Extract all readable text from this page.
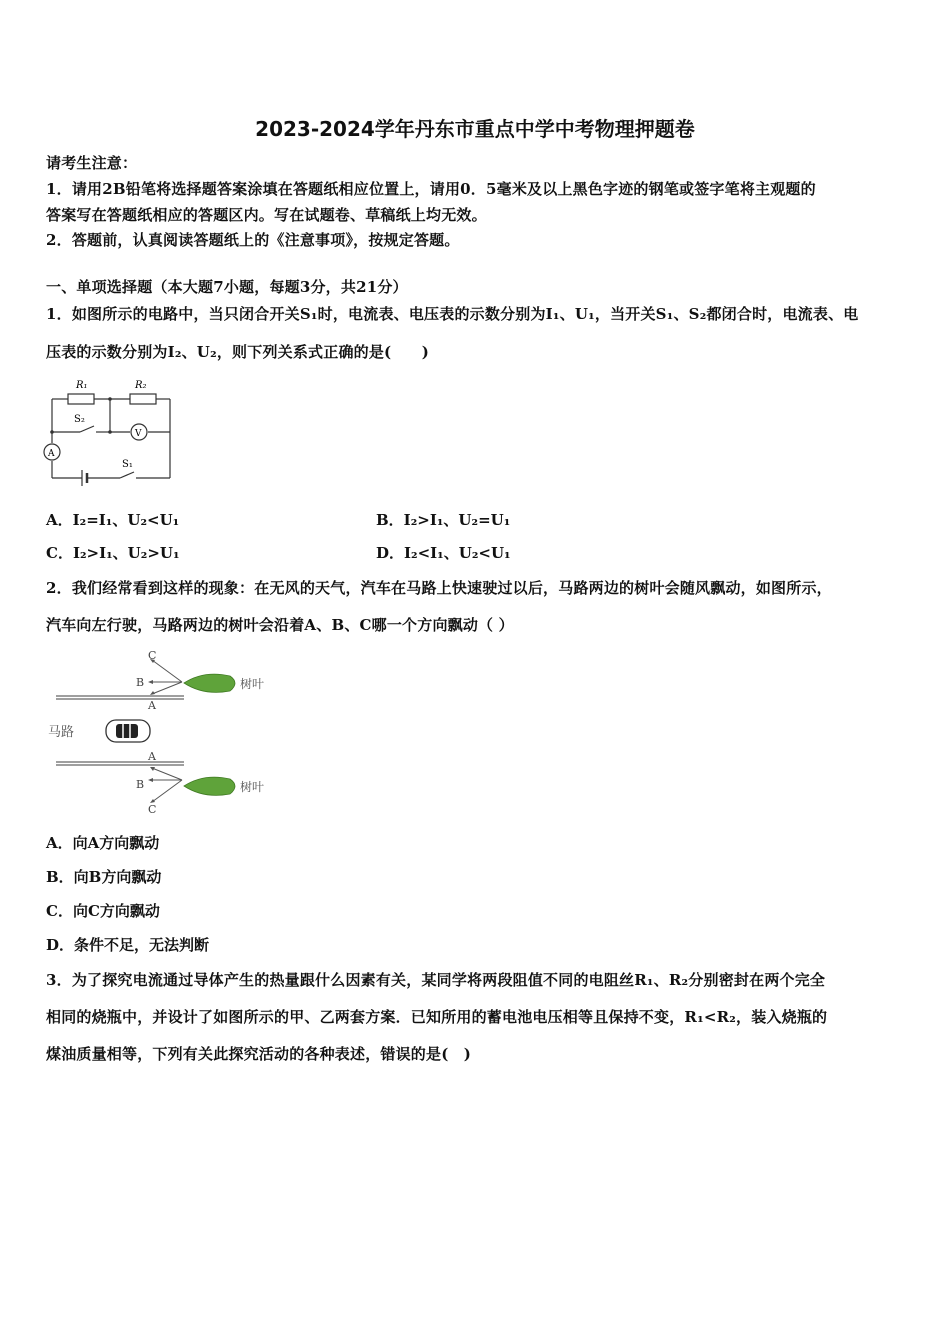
2023-2024学年丹东市重点中学中考物理押题卷
请考生注意：
1．请用2B铅笔将选择题答案涂填在答题纸相应位置上，请用0．5毫米及以上黑色字迹的钢笔或签字笔将主观题的
答案写在答题纸相应的答题区内。写在试题卷、草稿纸上均无效。
2．答题前，认真阅读答题纸上的《注意事项》，按规定答题。
一、单项选择题（本大题7小题，每题3分，共21分）
1．如图所示的电路中，当只闭合开关S₁时，电流表、电压表的示数分别为I₁、U₁，当开关S₁、S₂都闭合时，电流表、电
压表的示数分别为I₂、U₂，则下列关系式正确的是(　　)
R₁	R₂
S₂
S₁
A
V
A．I₂=I₁、U₂<U₁	B．I₂>I₁、U₂=U₁
C．I₂>I₁、U₂>U₁	D．I₂<I₁、U₂<U₁
2．我们经常看到这样的现象：在无风的天气，汽车在马路上快速驶过以后，马路两边的树叶会随风飘动，如图所示，
汽车向左行驶，马路两边的树叶会沿着A、B、C哪一个方向飘动（ ）
C
B
A
A
B
C
马路
树叶
树叶
A．向A方向飘动
B．向B方向飘动
C．向C方向飘动
D．条件不足，无法判断
3．为了探究电流通过导体产生的热量跟什么因素有关，某同学将两段阻值不同的电阻丝R₁、R₂分别密封在两个完全
相同的烧瓶中，并设计了如图所示的甲、乙两套方案．已知所用的蓄电池电压相等且保持不变，R₁<R₂，装入烧瓶的
煤油质量相等，下列有关此探究活动的各种表述，错误的是(　)
